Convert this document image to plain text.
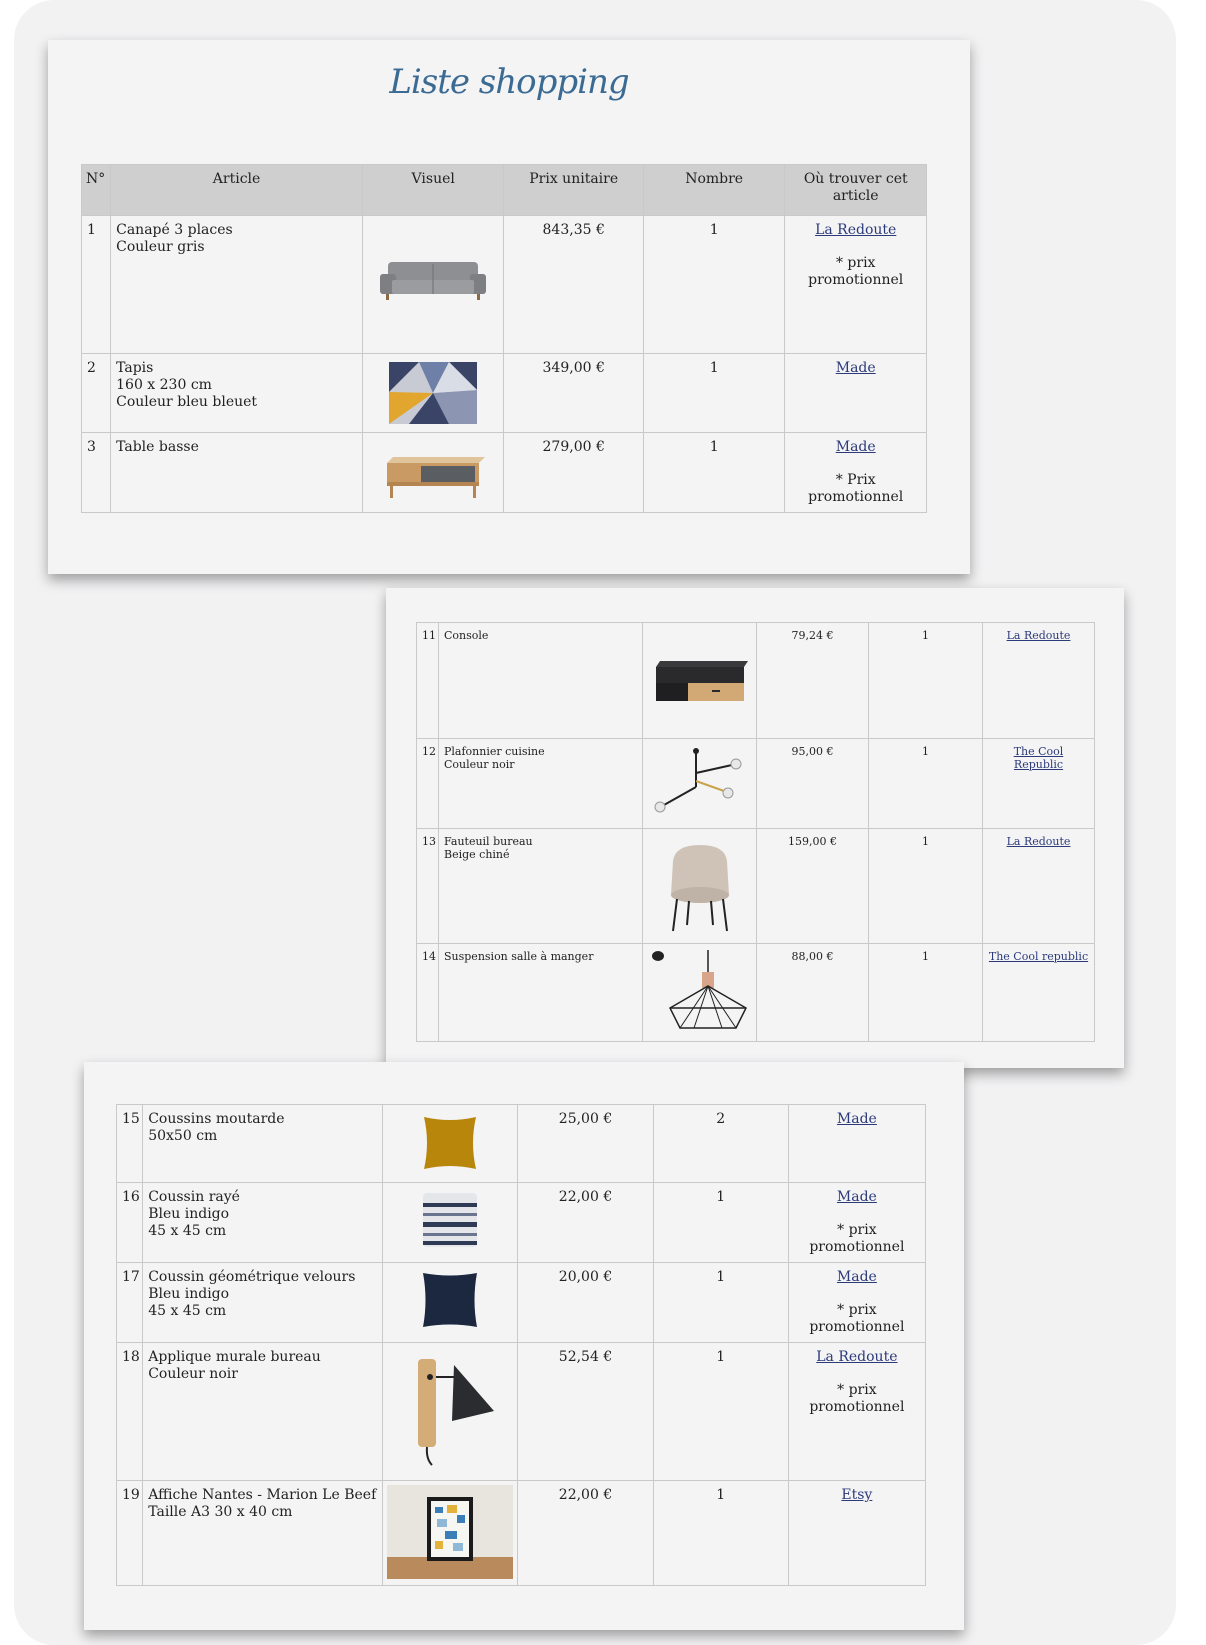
Liste shopping
N°	Article	Visuel	Prix unitaire	Nombre	Où trouver cet article
1	Canapé 3 places
Couleur gris		843,35 €	1	La Redoute
* prix promotionnel

2	Tapis
160 x 230 cm
Couleur bleu bleuet		349,00 €	1	Made
3	Table basse		279,00 €	1	Made
* Prix promotionnel
11	Console		79,24 €	1	La Redoute
12	Plafonnier cuisine
Couleur noir		95,00 €	1	The Cool Republic
13	Fauteuil bureau
Beige chiné		159,00 €	1	La Redoute
14	Suspension salle à manger		88,00 €	1	The Cool republic
15	Coussins moutarde
50x50 cm		25,00 €	2	Made
16	Coussin rayé
Bleu indigo
45 x 45 cm		22,00 €	1	Made
* prix promotionnel

17	Coussin géométrique velours
Bleu indigo
45 x 45 cm		20,00 €	1	Made
* prix promotionnel

18	Applique murale bureau
Couleur noir		52,54 €	1	La Redoute
* prix promotionnel

19	Affiche Nantes - Marion Le Beef
Taille A3 30 x 40 cm		22,00 €	1	Etsy
